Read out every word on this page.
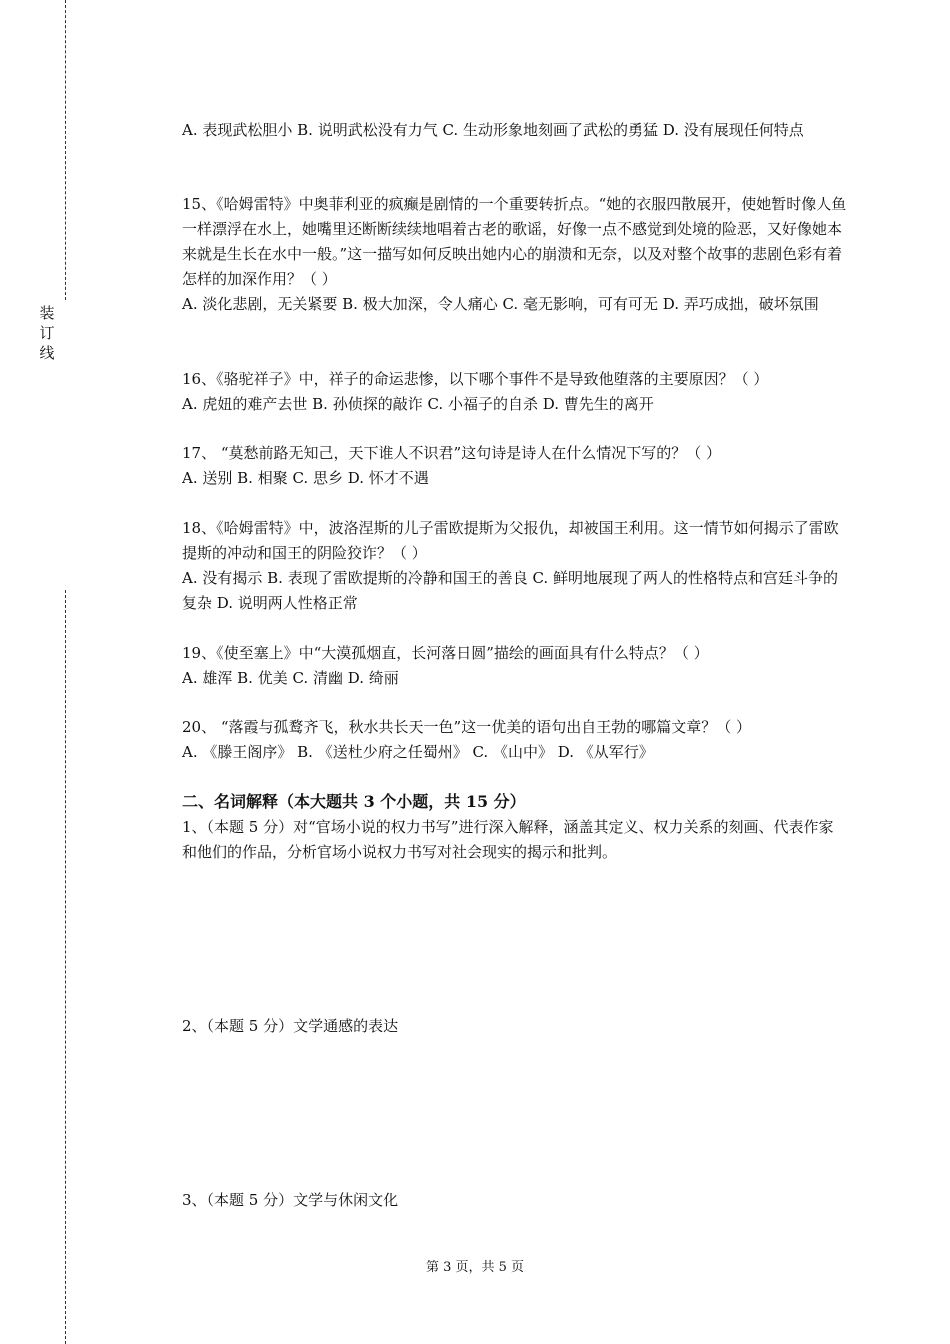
装
订
线

A. 表现武松胆小 B. 说明武松没有力气 C. 生动形象地刻画了武松的勇猛 D. 没有展现任何特点

15、《哈姆雷特》中奥菲利亚的疯癫是剧情的一个重要转折点。“她的衣服四散展开，使她暂时像人鱼一样漂浮在水上，她嘴里还断断续续地唱着古老的歌谣，好像一点不感觉到处境的险恶，又好像她本来就是生长在水中一般。”这一描写如何反映出她内心的崩溃和无奈，以及对整个故事的悲剧色彩有着怎样的加深作用？（ ）

A. 淡化悲剧，无关紧要 B. 极大加深，令人痛心 C. 毫无影响，可有可无 D. 弄巧成拙，破坏氛围

16、《骆驼祥子》中，祥子的命运悲惨，以下哪个事件不是导致他堕落的主要原因？（ ）

A. 虎妞的难产去世 B. 孙侦探的敲诈 C. 小福子的自杀 D. 曹先生的离开

17、 “莫愁前路无知己，天下谁人不识君”这句诗是诗人在什么情况下写的？（ ）

A. 送别 B. 相聚 C. 思乡 D. 怀才不遇

18、《哈姆雷特》中，波洛涅斯的儿子雷欧提斯为父报仇，却被国王利用。这一情节如何揭示了雷欧提斯的冲动和国王的阴险狡诈？（ ）

A. 没有揭示 B. 表现了雷欧提斯的冷静和国王的善良 C. 鲜明地展现了两人的性格特点和宫廷斗争的复杂 D. 说明两人性格正常

19、《使至塞上》中“大漠孤烟直，长河落日圆”描绘的画面具有什么特点？（ ）

A. 雄浑 B. 优美 C. 清幽 D. 绮丽

20、 “落霞与孤鹜齐飞，秋水共长天一色”这一优美的语句出自王勃的哪篇文章？（ ）

A. 《滕王阁序》 B. 《送杜少府之任蜀州》 C. 《山中》 D. 《从军行》

二、名词解释（本大题共 3 个小题，共 15 分）

1、（本题 5 分）对“官场小说的权力书写”进行深入解释，涵盖其定义、权力关系的刻画、代表作家和他们的作品，分析官场小说权力书写对社会现实的揭示和批判。

2、（本题 5 分）文学通感的表达

3、（本题 5 分）文学与休闲文化

第 3 页，共 5 页
